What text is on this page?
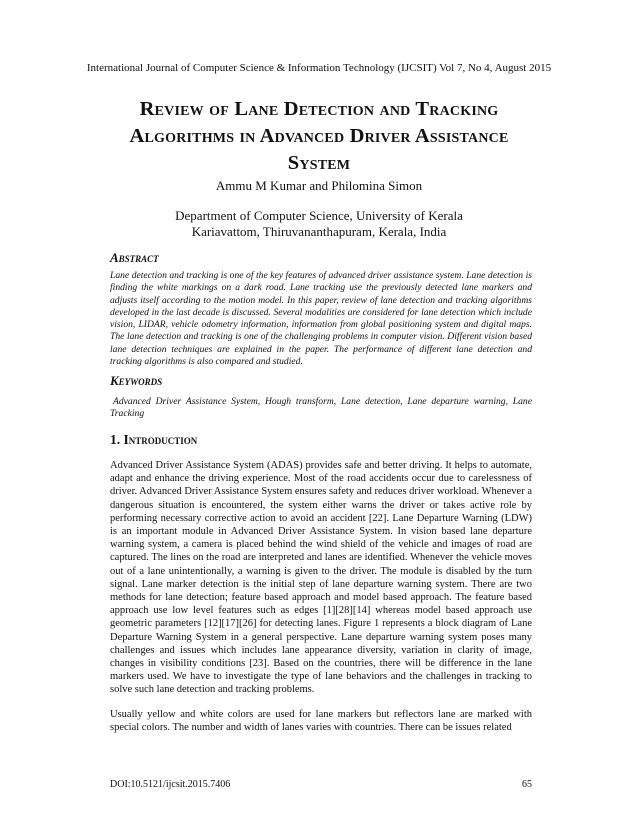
International Journal of Computer Science & Information Technology (IJCSIT) Vol 7, No 4, August 2015
Review of Lane Detection and Tracking
Algorithms in Advanced Driver Assistance
System
Ammu M Kumar and Philomina Simon
Department of Computer Science, University of Kerala
Kariavattom, Thiruvananthapuram, Kerala, India
Abstract
Lane detection and tracking is one of the key features of advanced driver assistance system. Lane detection is finding the white markings on a dark road. Lane tracking use the previously detected lane markers and adjusts itself according to the motion model. In this paper, review of lane detection and tracking algorithms developed in the last decade is discussed. Several modalities are considered for lane detection which include vision, LIDAR, vehicle odometry information, information from global positioning system and digital maps. The lane detection and tracking is one of the challenging problems in computer vision. Different vision based lane detection techniques are explained in the paper. The performance of different lane detection and tracking algorithms is also compared and studied.
Keywords
Advanced Driver Assistance System, Hough transform, Lane detection, Lane departure warning, Lane Tracking
1. Introduction
Advanced Driver Assistance System (ADAS) provides safe and better driving. It helps to automate, adapt and enhance the driving experience. Most of the road accidents occur due to carelessness of driver. Advanced Driver Assistance System ensures safety and reduces driver workload. Whenever a dangerous situation is encountered, the system either warns the driver or takes active role by performing necessary corrective action to avoid an accident [22]. Lane Departure Warning (LDW) is an important module in Advanced Driver Assistance System. In vision based lane departure warning system, a camera is placed behind the wind shield of the vehicle and images of road are captured. The lines on the road are interpreted and lanes are identified. Whenever the vehicle moves out of a lane unintentionally, a warning is given to the driver. The module is disabled by the turn signal. Lane marker detection is the initial step of lane departure warning system. There are two methods for lane detection; feature based approach and model based approach. The feature based approach use low level features such as edges [1][28][14] whereas model based approach use geometric parameters [12][17][26] for detecting lanes. Figure 1 represents a block diagram of Lane Departure Warning System in a general perspective. Lane departure warning system poses many challenges and issues which includes lane appearance diversity, variation in clarity of image, changes in visibility conditions [23]. Based on the countries, there will be difference in the lane markers used. We have to investigate the type of lane behaviors and the challenges in tracking to solve such lane detection and tracking problems.
Usually yellow and white colors are used for lane markers but reflectors lane are marked with special colors. The number and width of lanes varies with countries. There can be issues related
DOI:10.5121/ijcsit.2015.7406	65
